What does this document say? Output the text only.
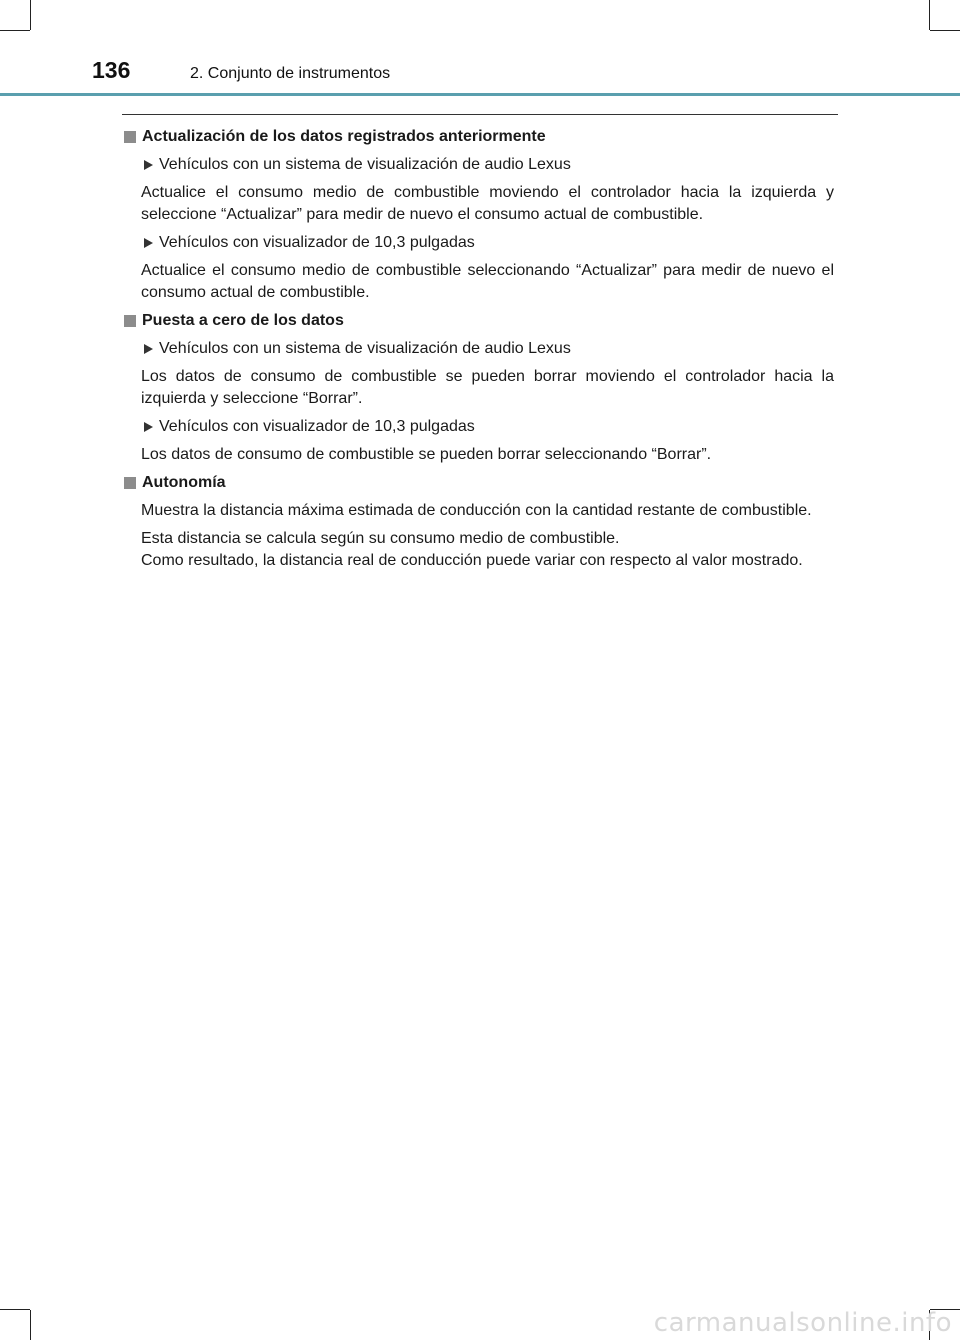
136	2. Conjunto de instrumentos
Actualización de los datos registrados anteriormente
Vehículos con un sistema de visualización de audio Lexus
Actualice el consumo medio de combustible moviendo el controlador hacia la izquierda y seleccione “Actualizar” para medir de nuevo el consumo actual de combustible.
Vehículos con visualizador de 10,3 pulgadas
Actualice el consumo medio de combustible seleccionando “Actualizar” para medir de nuevo el consumo actual de combustible.
Puesta a cero de los datos
Vehículos con un sistema de visualización de audio Lexus
Los datos de consumo de combustible se pueden borrar moviendo el controlador hacia la izquierda y seleccione “Borrar”.
Vehículos con visualizador de 10,3 pulgadas
Los datos de consumo de combustible se pueden borrar seleccionando “Borrar”.
Autonomía
Muestra la distancia máxima estimada de conducción con la cantidad restante de combustible.
Esta distancia se calcula según su consumo medio de combustible.
Como resultado, la distancia real de conducción puede variar con respecto al valor mostrado.
carmanualsonline.info
